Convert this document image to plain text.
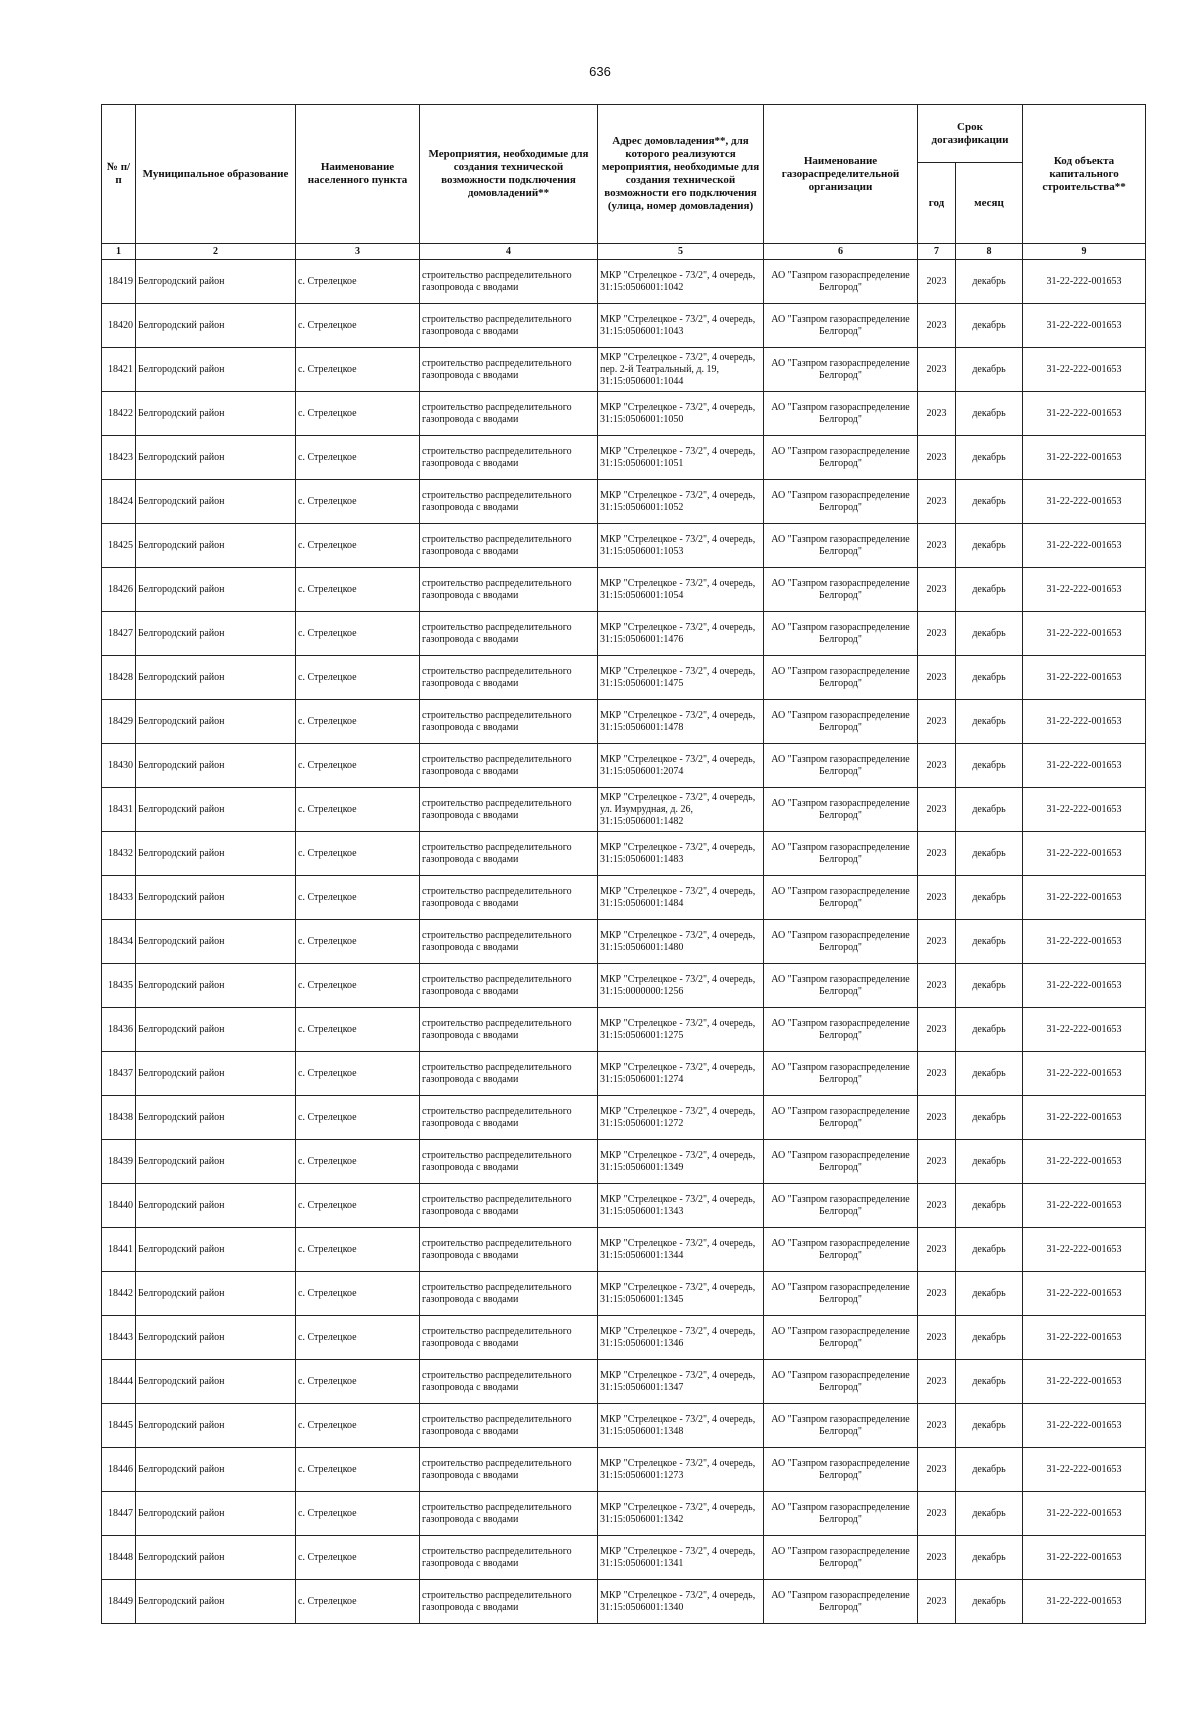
636
№ п/п	Муниципальное образование	Наименование населенного пункта	Мероприятия, необходимые для создания технической возможности подключения домовладений**	Адрес домовладения**, для которого реализуются мероприятия, необходимые для создания технической возможности его подключения (улица, номер домовладения)	Наименование газораспределительной организации	Срок догазификации		Код объекта капитального строительства**
						год	месяц	
1	2	3	4	5	6	7	8	9
18419	Белгородский район	с. Стрелецкое	строительство распределительного газопровода с вводами	МКР "Стрелецкое - 73/2", 4 очередь, 31:15:0506001:1042	АО "Газпром газораспределение Белгород"	2023	декабрь	31-22-222-001653
18420	Белгородский район	с. Стрелецкое	строительство распределительного газопровода с вводами	МКР "Стрелецкое - 73/2", 4 очередь, 31:15:0506001:1043	АО "Газпром газораспределение Белгород"	2023	декабрь	31-22-222-001653
18421	Белгородский район	с. Стрелецкое	строительство распределительного газопровода с вводами	МКР "Стрелецкое - 73/2", 4 очередь, пер. 2-й Театральный, д. 19, 31:15:0506001:1044	АО "Газпром газораспределение Белгород"	2023	декабрь	31-22-222-001653
18422	Белгородский район	с. Стрелецкое	строительство распределительного газопровода с вводами	МКР "Стрелецкое - 73/2", 4 очередь, 31:15:0506001:1050	АО "Газпром газораспределение Белгород"	2023	декабрь	31-22-222-001653
18423	Белгородский район	с. Стрелецкое	строительство распределительного газопровода с вводами	МКР "Стрелецкое - 73/2", 4 очередь, 31:15:0506001:1051	АО "Газпром газораспределение Белгород"	2023	декабрь	31-22-222-001653
18424	Белгородский район	с. Стрелецкое	строительство распределительного газопровода с вводами	МКР "Стрелецкое - 73/2", 4 очередь, 31:15:0506001:1052	АО "Газпром газораспределение Белгород"	2023	декабрь	31-22-222-001653
18425	Белгородский район	с. Стрелецкое	строительство распределительного газопровода с вводами	МКР "Стрелецкое - 73/2", 4 очередь, 31:15:0506001:1053	АО "Газпром газораспределение Белгород"	2023	декабрь	31-22-222-001653
18426	Белгородский район	с. Стрелецкое	строительство распределительного газопровода с вводами	МКР "Стрелецкое - 73/2", 4 очередь, 31:15:0506001:1054	АО "Газпром газораспределение Белгород"	2023	декабрь	31-22-222-001653
18427	Белгородский район	с. Стрелецкое	строительство распределительного газопровода с вводами	МКР "Стрелецкое - 73/2", 4 очередь, 31:15:0506001:1476	АО "Газпром газораспределение Белгород"	2023	декабрь	31-22-222-001653
18428	Белгородский район	с. Стрелецкое	строительство распределительного газопровода с вводами	МКР "Стрелецкое - 73/2", 4 очередь, 31:15:0506001:1475	АО "Газпром газораспределение Белгород"	2023	декабрь	31-22-222-001653
18429	Белгородский район	с. Стрелецкое	строительство распределительного газопровода с вводами	МКР "Стрелецкое - 73/2", 4 очередь, 31:15:0506001:1478	АО "Газпром газораспределение Белгород"	2023	декабрь	31-22-222-001653
18430	Белгородский район	с. Стрелецкое	строительство распределительного газопровода с вводами	МКР "Стрелецкое - 73/2", 4 очередь, 31:15:0506001:2074	АО "Газпром газораспределение Белгород"	2023	декабрь	31-22-222-001653
18431	Белгородский район	с. Стрелецкое	строительство распределительного газопровода с вводами	МКР "Стрелецкое - 73/2", 4 очередь, ул. Изумрудная, д. 26, 31:15:0506001:1482	АО "Газпром газораспределение Белгород"	2023	декабрь	31-22-222-001653
18432	Белгородский район	с. Стрелецкое	строительство распределительного газопровода с вводами	МКР "Стрелецкое - 73/2", 4 очередь, 31:15:0506001:1483	АО "Газпром газораспределение Белгород"	2023	декабрь	31-22-222-001653
18433	Белгородский район	с. Стрелецкое	строительство распределительного газопровода с вводами	МКР "Стрелецкое - 73/2", 4 очередь, 31:15:0506001:1484	АО "Газпром газораспределение Белгород"	2023	декабрь	31-22-222-001653
18434	Белгородский район	с. Стрелецкое	строительство распределительного газопровода с вводами	МКР "Стрелецкое - 73/2", 4 очередь, 31:15:0506001:1480	АО "Газпром газораспределение Белгород"	2023	декабрь	31-22-222-001653
18435	Белгородский район	с. Стрелецкое	строительство распределительного газопровода с вводами	МКР "Стрелецкое - 73/2", 4 очередь, 31:15:0000000:1256	АО "Газпром газораспределение Белгород"	2023	декабрь	31-22-222-001653
18436	Белгородский район	с. Стрелецкое	строительство распределительного газопровода с вводами	МКР "Стрелецкое - 73/2", 4 очередь, 31:15:0506001:1275	АО "Газпром газораспределение Белгород"	2023	декабрь	31-22-222-001653
18437	Белгородский район	с. Стрелецкое	строительство распределительного газопровода с вводами	МКР "Стрелецкое - 73/2", 4 очередь, 31:15:0506001:1274	АО "Газпром газораспределение Белгород"	2023	декабрь	31-22-222-001653
18438	Белгородский район	с. Стрелецкое	строительство распределительного газопровода с вводами	МКР "Стрелецкое - 73/2", 4 очередь, 31:15:0506001:1272	АО "Газпром газораспределение Белгород"	2023	декабрь	31-22-222-001653
18439	Белгородский район	с. Стрелецкое	строительство распределительного газопровода с вводами	МКР "Стрелецкое - 73/2", 4 очередь, 31:15:0506001:1349	АО "Газпром газораспределение Белгород"	2023	декабрь	31-22-222-001653
18440	Белгородский район	с. Стрелецкое	строительство распределительного газопровода с вводами	МКР "Стрелецкое - 73/2", 4 очередь, 31:15:0506001:1343	АО "Газпром газораспределение Белгород"	2023	декабрь	31-22-222-001653
18441	Белгородский район	с. Стрелецкое	строительство распределительного газопровода с вводами	МКР "Стрелецкое - 73/2", 4 очередь, 31:15:0506001:1344	АО "Газпром газораспределение Белгород"	2023	декабрь	31-22-222-001653
18442	Белгородский район	с. Стрелецкое	строительство распределительного газопровода с вводами	МКР "Стрелецкое - 73/2", 4 очередь, 31:15:0506001:1345	АО "Газпром газораспределение Белгород"	2023	декабрь	31-22-222-001653
18443	Белгородский район	с. Стрелецкое	строительство распределительного газопровода с вводами	МКР "Стрелецкое - 73/2", 4 очередь, 31:15:0506001:1346	АО "Газпром газораспределение Белгород"	2023	декабрь	31-22-222-001653
18444	Белгородский район	с. Стрелецкое	строительство распределительного газопровода с вводами	МКР "Стрелецкое - 73/2", 4 очередь, 31:15:0506001:1347	АО "Газпром газораспределение Белгород"	2023	декабрь	31-22-222-001653
18445	Белгородский район	с. Стрелецкое	строительство распределительного газопровода с вводами	МКР "Стрелецкое - 73/2", 4 очередь, 31:15:0506001:1348	АО "Газпром газораспределение Белгород"	2023	декабрь	31-22-222-001653
18446	Белгородский район	с. Стрелецкое	строительство распределительного газопровода с вводами	МКР "Стрелецкое - 73/2", 4 очередь, 31:15:0506001:1273	АО "Газпром газораспределение Белгород"	2023	декабрь	31-22-222-001653
18447	Белгородский район	с. Стрелецкое	строительство распределительного газопровода с вводами	МКР "Стрелецкое - 73/2", 4 очередь, 31:15:0506001:1342	АО "Газпром газораспределение Белгород"	2023	декабрь	31-22-222-001653
18448	Белгородский район	с. Стрелецкое	строительство распределительного газопровода с вводами	МКР "Стрелецкое - 73/2", 4 очередь, 31:15:0506001:1341	АО "Газпром газораспределение Белгород"	2023	декабрь	31-22-222-001653
18449	Белгородский район	с. Стрелецкое	строительство распределительного газопровода с вводами	МКР "Стрелецкое - 73/2", 4 очередь, 31:15:0506001:1340	АО "Газпром газораспределение Белгород"	2023	декабрь	31-22-222-001653
